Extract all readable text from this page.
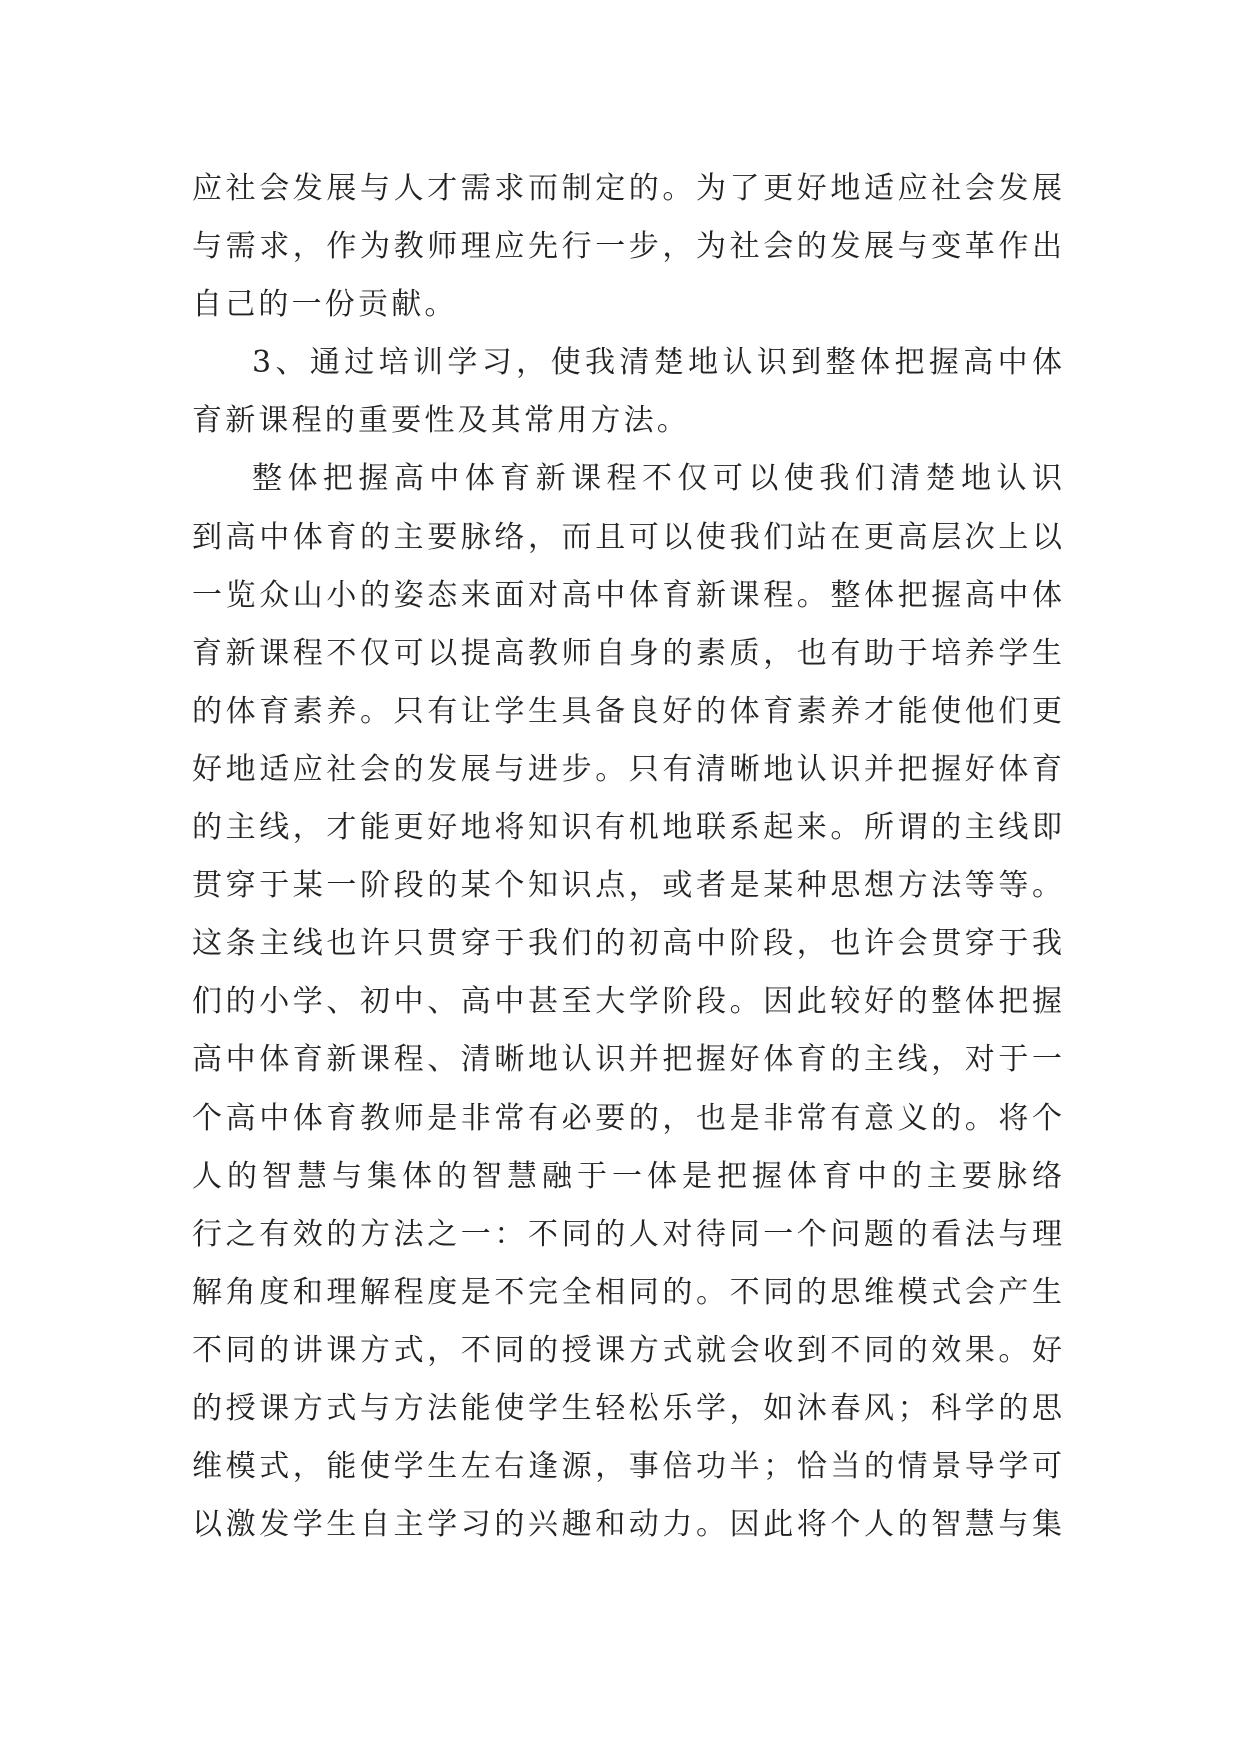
应社会发展与人才需求而制定的。为了更好地适应社会发展
与需求，作为教师理应先行一步，为社会的发展与变革作出
自己的一份贡献。
3、通过培训学习，使我清楚地认识到整体把握高中体
育新课程的重要性及其常用方法。
整体把握高中体育新课程不仅可以使我们清楚地认识
到高中体育的主要脉络，而且可以使我们站在更高层次上以
一览众山小的姿态来面对高中体育新课程。整体把握高中体
育新课程不仅可以提高教师自身的素质，也有助于培养学生
的体育素养。只有让学生具备良好的体育素养才能使他们更
好地适应社会的发展与进步。只有清晰地认识并把握好体育
的主线，才能更好地将知识有机地联系起来。所谓的主线即
贯穿于某一阶段的某个知识点，或者是某种思想方法等等。
这条主线也许只贯穿于我们的初高中阶段，也许会贯穿于我
们的小学、初中、高中甚至大学阶段。因此较好的整体把握
高中体育新课程、清晰地认识并把握好体育的主线，对于一
个高中体育教师是非常有必要的，也是非常有意义的。将个
人的智慧与集体的智慧融于一体是把握体育中的主要脉络
行之有效的方法之一：不同的人对待同一个问题的看法与理
解角度和理解程度是不完全相同的。不同的思维模式会产生
不同的讲课方式，不同的授课方式就会收到不同的效果。好
的授课方式与方法能使学生轻松乐学，如沐春风；科学的思
维模式，能使学生左右逢源，事倍功半；恰当的情景导学可
以激发学生自主学习的兴趣和动力。因此将个人的智慧与集
